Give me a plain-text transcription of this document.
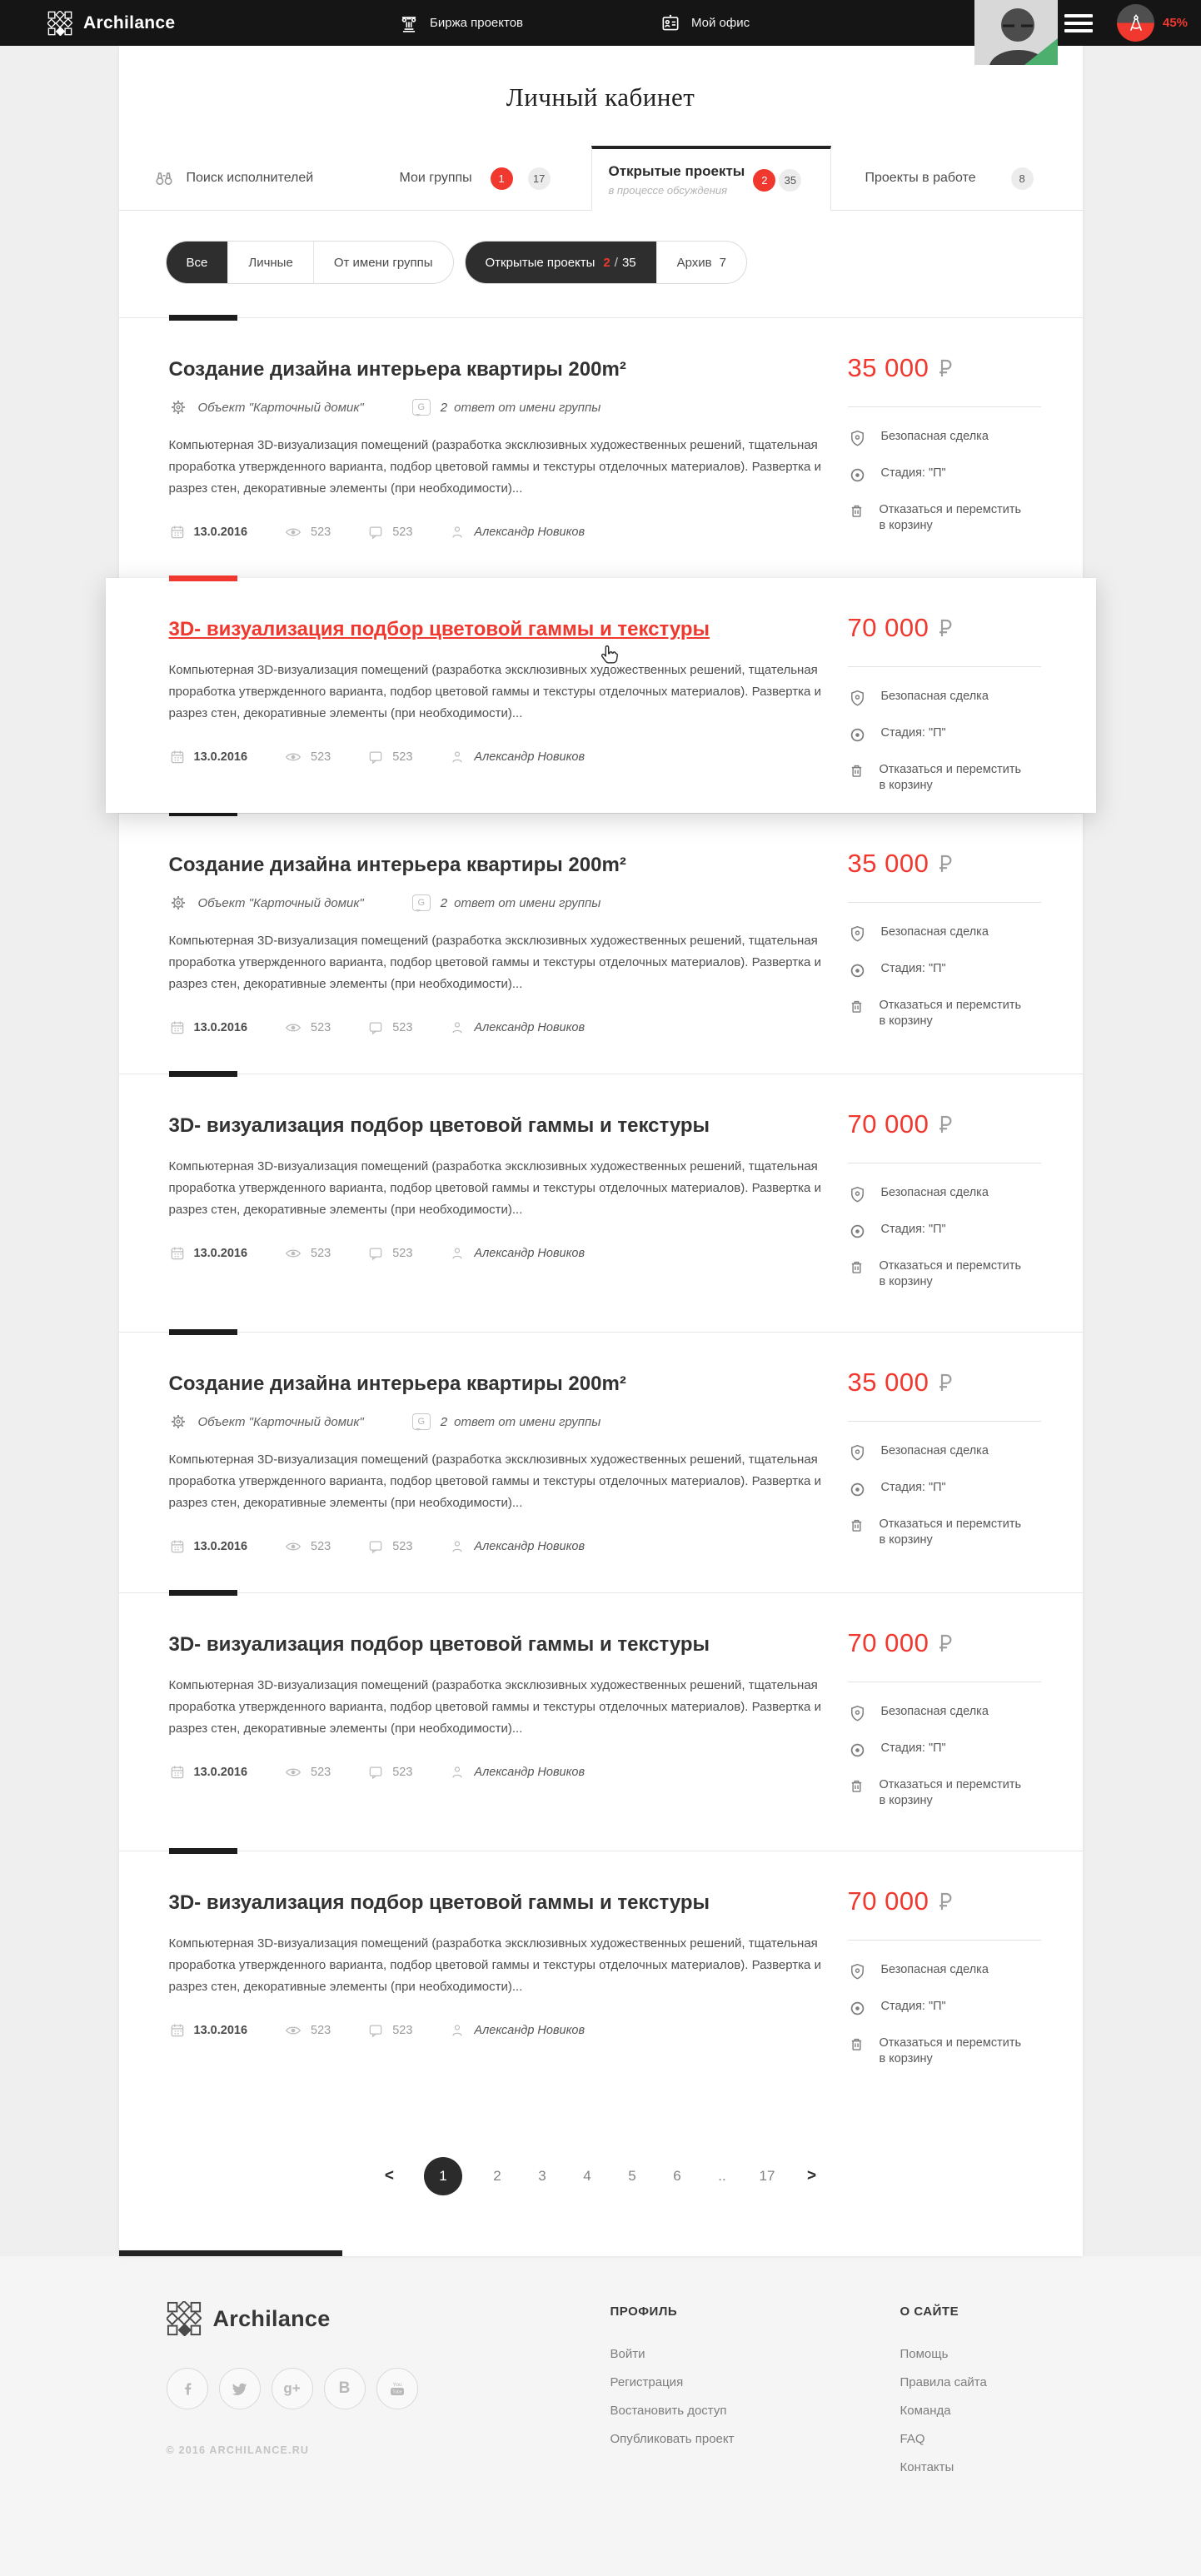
Archilance	Биржа проектов	Мой офис	45%
Личный кабинет
Поиск исполнителей	Мои группы	1	17	Открытые проекты
в процессе обсуждения
2	35	Проекты в работе	8
Все	Личные	От имени группы	Открытые проекты 2 / 35	Архив 7
Создание дизайна интерьера квартиры 200m²
Объект "Карточный домик"	G	2 ответ от имени группы

Компьютерная 3D-визуализация помещений (разработка эксклюзивных художественных решений, тщательная проработка утвержденного варианта, подбор цветовой гаммы и текстуры отделочных материалов). Развертка и разрез стен, декоративные элементы (при необходимости)...

13.0.2016	523	523	Александр Новиков
35 000
Безопасная сделка
Стадия: "П"
Отказаться и перемстить в корзину
3D- визуализация подбор цветовой гаммы и текстуры

Компьютерная 3D-визуализация помещений (разработка эксклюзивных художественных решений, тщательная проработка утвержденного варианта, подбор цветовой гаммы и текстуры отделочных материалов). Развертка и разрез стен, декоративные элементы (при необходимости)...

13.0.2016	523	523	Александр Новиков
70 000
Безопасная сделка
Стадия: "П"
Отказаться и перемстить в корзину
Создание дизайна интерьера квартиры 200m²
Объект "Карточный домик"	G	2 ответ от имени группы

Компьютерная 3D-визуализация помещений (разработка эксклюзивных художественных решений, тщательная проработка утвержденного варианта, подбор цветовой гаммы и текстуры отделочных материалов). Развертка и разрез стен, декоративные элементы (при необходимости)...

13.0.2016	523	523	Александр Новиков
35 000
Безопасная сделка
Стадия: "П"
Отказаться и перемстить в корзину
3D- визуализация подбор цветовой гаммы и текстуры

Компьютерная 3D-визуализация помещений (разработка эксклюзивных художественных решений, тщательная проработка утвержденного варианта, подбор цветовой гаммы и текстуры отделочных материалов). Развертка и разрез стен, декоративные элементы (при необходимости)...

13.0.2016	523	523	Александр Новиков
70 000
Безопасная сделка
Стадия: "П"
Отказаться и перемстить в корзину
Создание дизайна интерьера квартиры 200m²
Объект "Карточный домик"	G	2 ответ от имени группы

Компьютерная 3D-визуализация помещений (разработка эксклюзивных художественных решений, тщательная проработка утвержденного варианта, подбор цветовой гаммы и текстуры отделочных материалов). Развертка и разрез стен, декоративные элементы (при необходимости)...

13.0.2016	523	523	Александр Новиков
35 000
Безопасная сделка
Стадия: "П"
Отказаться и перемстить в корзину
3D- визуализация подбор цветовой гаммы и текстуры

Компьютерная 3D-визуализация помещений (разработка эксклюзивных художественных решений, тщательная проработка утвержденного варианта, подбор цветовой гаммы и текстуры отделочных материалов). Развертка и разрез стен, декоративные элементы (при необходимости)...

13.0.2016	523	523	Александр Новиков
70 000
Безопасная сделка
Стадия: "П"
Отказаться и перемстить в корзину
3D- визуализация подбор цветовой гаммы и текстуры

Компьютерная 3D-визуализация помещений (разработка эксклюзивных художественных решений, тщательная проработка утвержденного варианта, подбор цветовой гаммы и текстуры отделочных материалов). Развертка и разрез стен, декоративные элементы (при необходимости)...

13.0.2016	523	523	Александр Новиков
70 000
Безопасная сделка
Стадия: "П"
Отказаться и перемстить в корзину
<	1	2	3	4	5	6	..	17	>
Archilance
g+ B	You
Tube
© 2016 ARCHILANCE.RU
ПРОФИЛЬ
Войти
Регистрация
Востановить доступ
Опубликовать проект
О САЙТЕ
Помощь
Правила сайта
Команда
FAQ
Контакты
